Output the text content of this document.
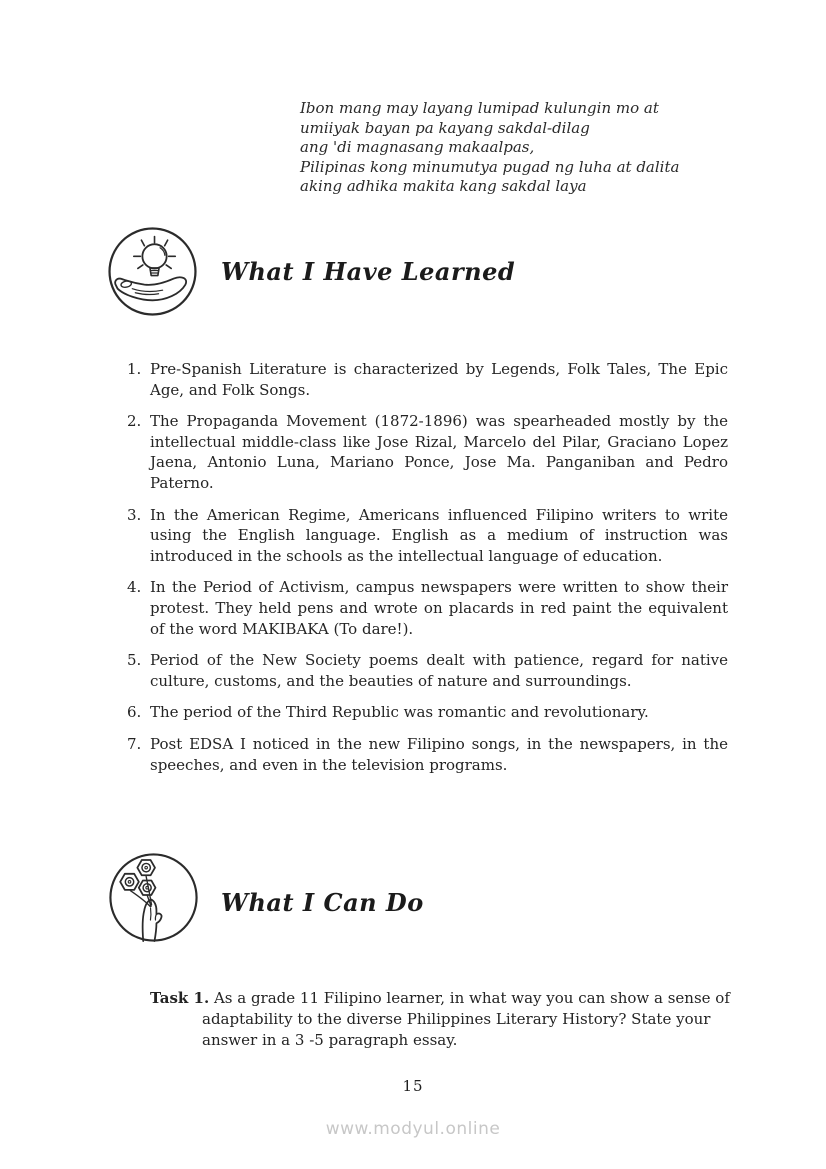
Ibon mang may layang lumipad kulungin mo at
umiiyak bayan pa kayang sakdal-dilag
ang 'di magnasang makaalpas,
Pilipinas kong minumutya pugad ng luha at dalita
aking adhika makita kang sakdal laya
What I Have Learned
1. Pre-Spanish Literature is characterized by Legends, Folk Tales, The Epic Age, and Folk Songs.
2. The Propaganda Movement (1872-1896) was spearheaded mostly by the intellectual middle-class like Jose Rizal, Marcelo del Pilar, Graciano Lopez Jaena, Antonio Luna, Mariano Ponce, Jose Ma. Panganiban and Pedro Paterno.
3. In the American Regime, Americans influenced Filipino writers to write using the English language. English as a medium of instruction was introduced in the schools as the intellectual language of education.
4. In the Period of Activism, campus newspapers were written to show their protest. They held pens and wrote on placards in red paint the equivalent of the word MAKIBAKA (To dare!).
5. Period of the New Society poems dealt with patience, regard for native culture, customs, and the beauties of nature and surroundings.
6. The period of the Third Republic was romantic and revolutionary.
7. Post EDSA I noticed in the new Filipino songs, in the newspapers, in the speeches, and even in the television programs.
What I Can Do
Task 1. As a grade 11 Filipino learner, in what way you can show a sense of adaptability to the diverse Philippines Literary History? State your answer in a 3 -5 paragraph essay.
15
www.modyul.online
